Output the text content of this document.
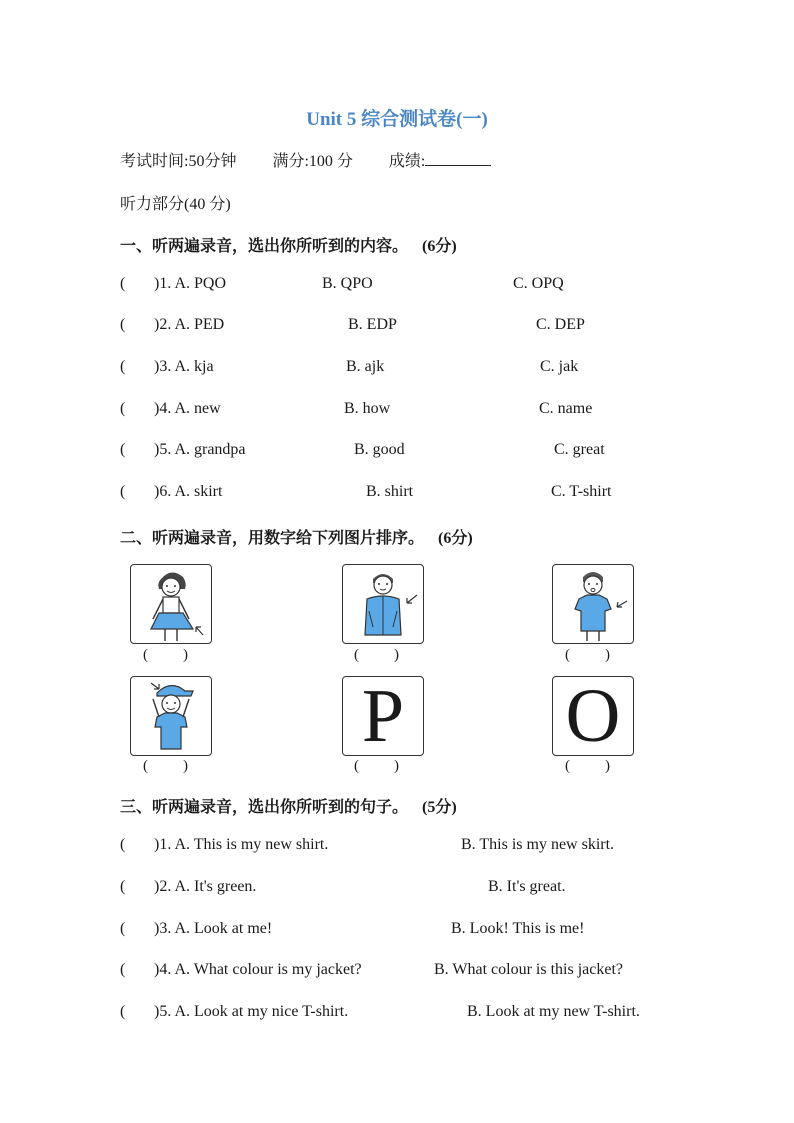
Unit 5 综合测试卷(一)
考试时间:50分钟 满分:100 分 成绩:
听力部分(40 分)
一、听两遍录音，选出你所听到的内容。 (6分)
( )1. A. PQO	B. QPO	C. OPQ
( )2. A. PED	B. EDP	C. DEP
( )3. A. kja	B. ajk	C. jak
( )4. A. new	B. how	C. name
( )5. A. grandpa	B. good	C. great
( )6. A. skirt	B. shirt	C. T-shirt
二、听两遍录音，用数字给下列图片排序。 (6分)
( )	( )	( )
P O
( )	( )	( )
三、听两遍录音，选出你所听到的句子。 (5分)
( )1. A. This is my new shirt.	B. This is my new skirt.
( )2. A. It's green.	B. It's great.
( )3. A. Look at me!	B. Look! This is me!
( )4. A. What colour is my jacket?	B. What colour is this jacket?
( )5. A. Look at my nice T-shirt.	B. Look at my new T-shirt.
